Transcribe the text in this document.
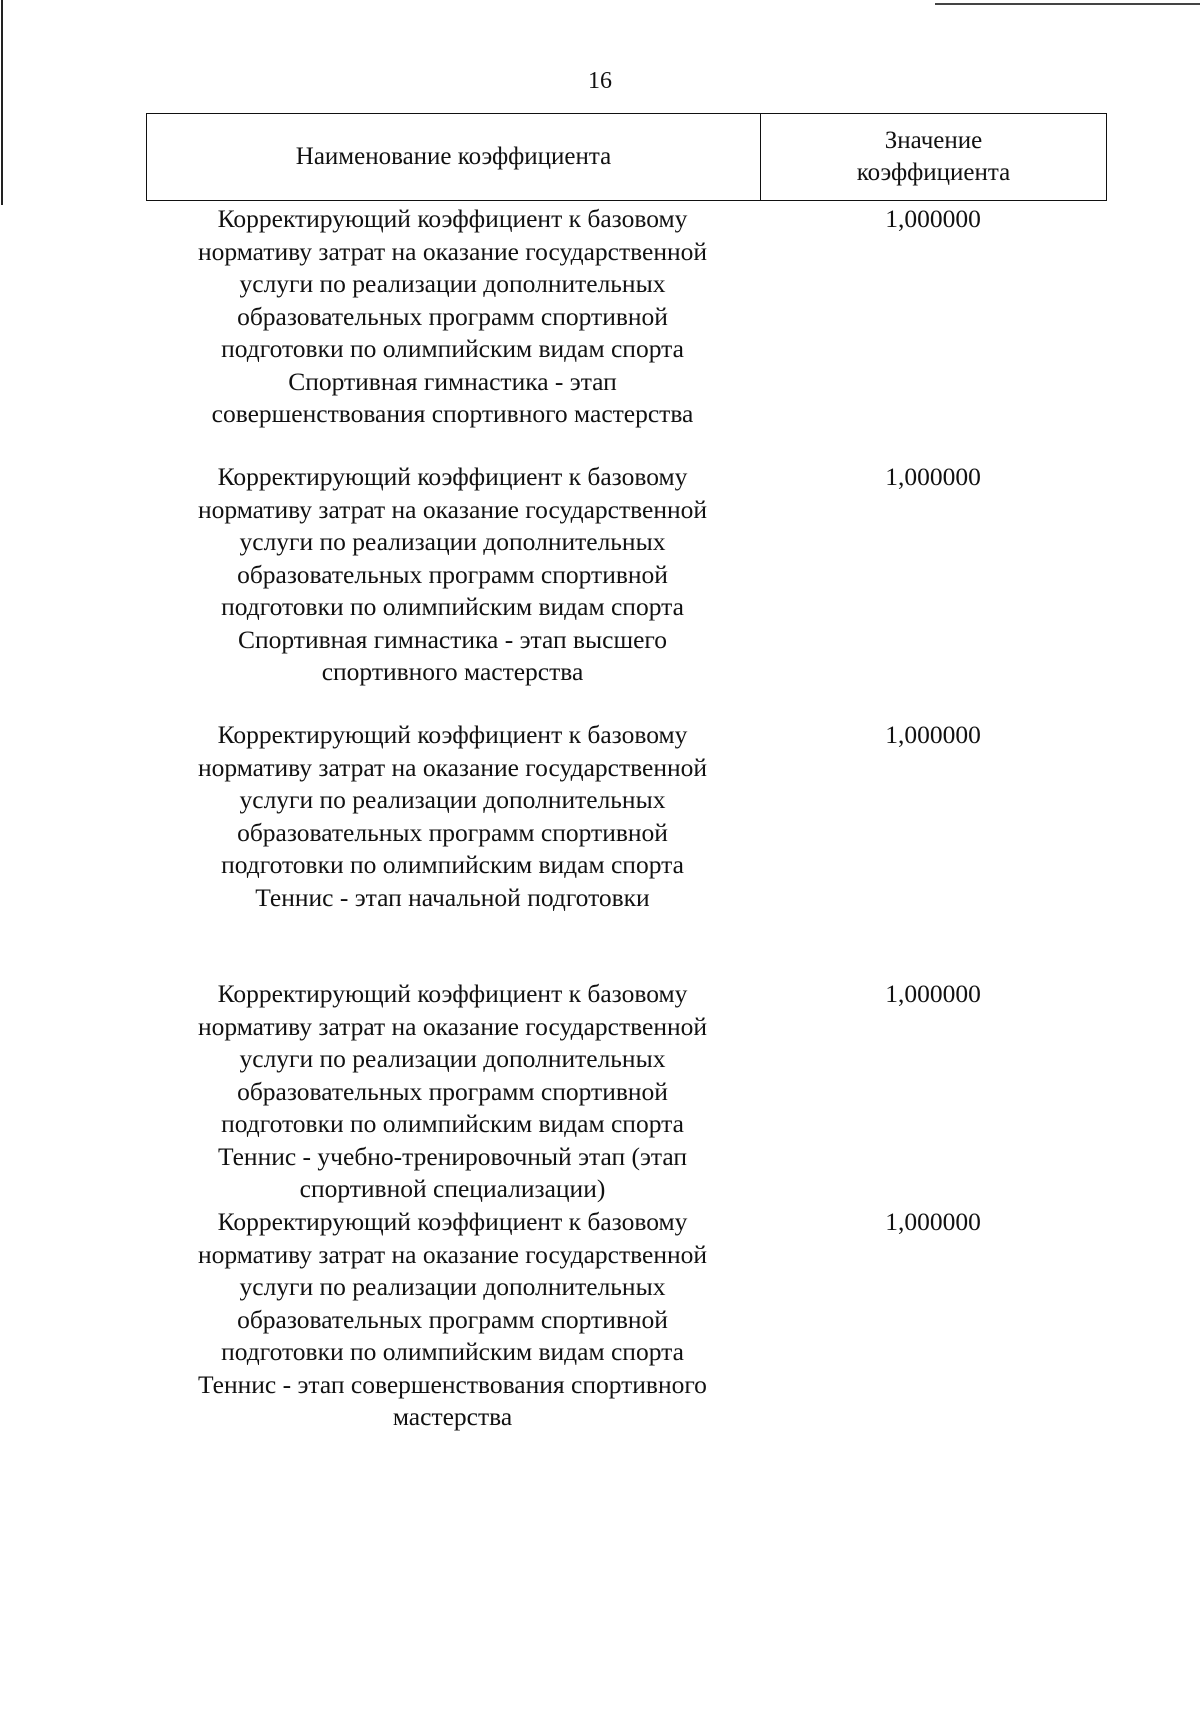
16
Наименование коэффициента
Значение
коэффициента
Корректирующий коэффициент к базовому
нормативу затрат на оказание государственной
услуги по реализации дополнительных
образовательных программ спортивной
подготовки по олимпийским видам спорта
Спортивная гимнастика - этап
совершенствования спортивного мастерства
1,000000
Корректирующий коэффициент к базовому
нормативу затрат на оказание государственной
услуги по реализации дополнительных
образовательных программ спортивной
подготовки по олимпийским видам спорта
Спортивная гимнастика - этап высшего
спортивного мастерства
1,000000
Корректирующий коэффициент к базовому
нормативу затрат на оказание государственной
услуги по реализации дополнительных
образовательных программ спортивной
подготовки по олимпийским видам спорта
Теннис - этап начальной подготовки
1,000000
Корректирующий коэффициент к базовому
нормативу затрат на оказание государственной
услуги по реализации дополнительных
образовательных программ спортивной
подготовки по олимпийским видам спорта
Теннис - учебно-тренировочный этап (этап
спортивной специализации)
1,000000
Корректирующий коэффициент к базовому
нормативу затрат на оказание государственной
услуги по реализации дополнительных
образовательных программ спортивной
подготовки по олимпийским видам спорта
Теннис - этап совершенствования спортивного
мастерства
1,000000
